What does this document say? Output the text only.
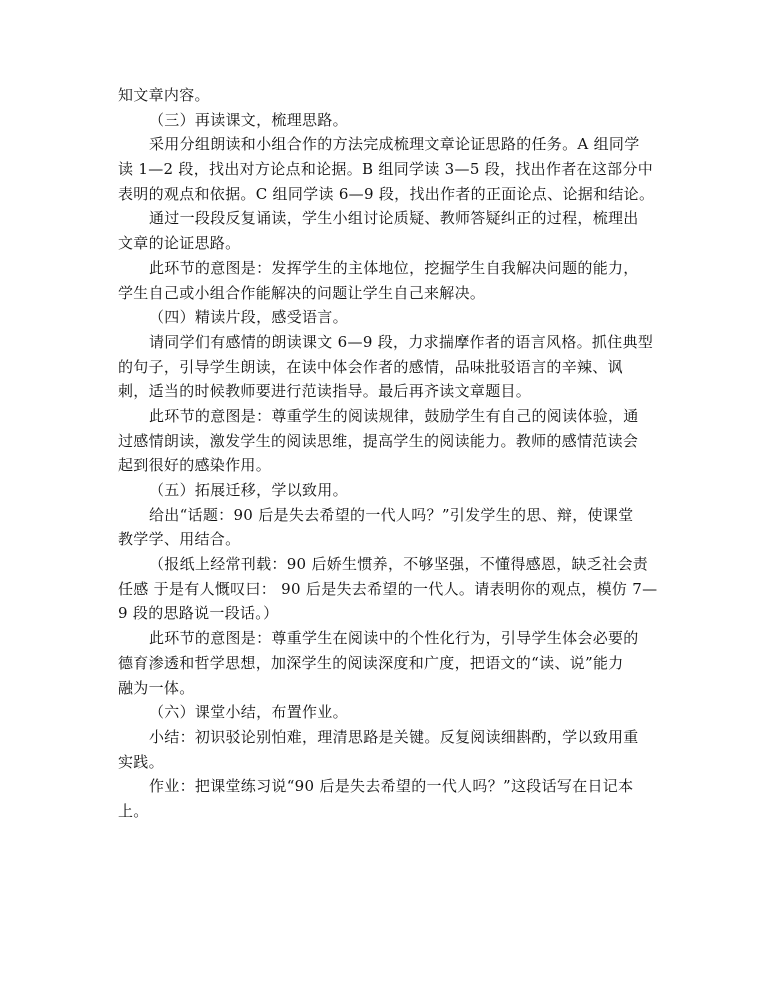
知文章内容。
（三）再读课文，梳理思路。
采用分组朗读和小组合作的方法完成梳理文章论证思路的任务。A 组同学
读 1—2 段，找出对方论点和论据。B 组同学读 3—5 段，找出作者在这部分中
表明的观点和依据。C 组同学读 6—9 段，找出作者的正面论点、论据和结论。
通过一段段反复诵读，学生小组讨论质疑、教师答疑纠正的过程，梳理出
文章的论证思路。
此环节的意图是：发挥学生的主体地位，挖掘学生自我解决问题的能力，
学生自己或小组合作能解决的问题让学生自己来解决。
（四）精读片段，感受语言。
请同学们有感情的朗读课文 6—9 段，力求揣摩作者的语言风格。抓住典型
的句子，引导学生朗读，在读中体会作者的感情，品味批驳语言的辛辣、讽
刺，适当的时候教师要进行范读指导。最后再齐读文章题目。
此环节的意图是：尊重学生的阅读规律，鼓励学生有自己的阅读体验，通
过感情朗读，激发学生的阅读思维，提高学生的阅读能力。教师的感情范读会
起到很好的感染作用。
（五）拓展迁移，学以致用。
给出“话题：90 后是失去希望的一代人吗？”引发学生的思、辩，使课堂
教学学、用结合。
（报纸上经常刊载：90 后娇生惯养，不够坚强，不懂得感恩，缺乏社会责
任感 于是有人慨叹曰： 90 后是失去希望的一代人。请表明你的观点，模仿 7—
9 段的思路说一段话。）
此环节的意图是：尊重学生在阅读中的个性化行为，引导学生体会必要的
德育渗透和哲学思想，加深学生的阅读深度和广度，把语文的“读、说”能力
融为一体。
（六）课堂小结，布置作业。
小结：初识驳论别怕难，理清思路是关键。反复阅读细斟酌，学以致用重
实践。
作业：把课堂练习说“90 后是失去希望的一代人吗？”这段话写在日记本
上。
